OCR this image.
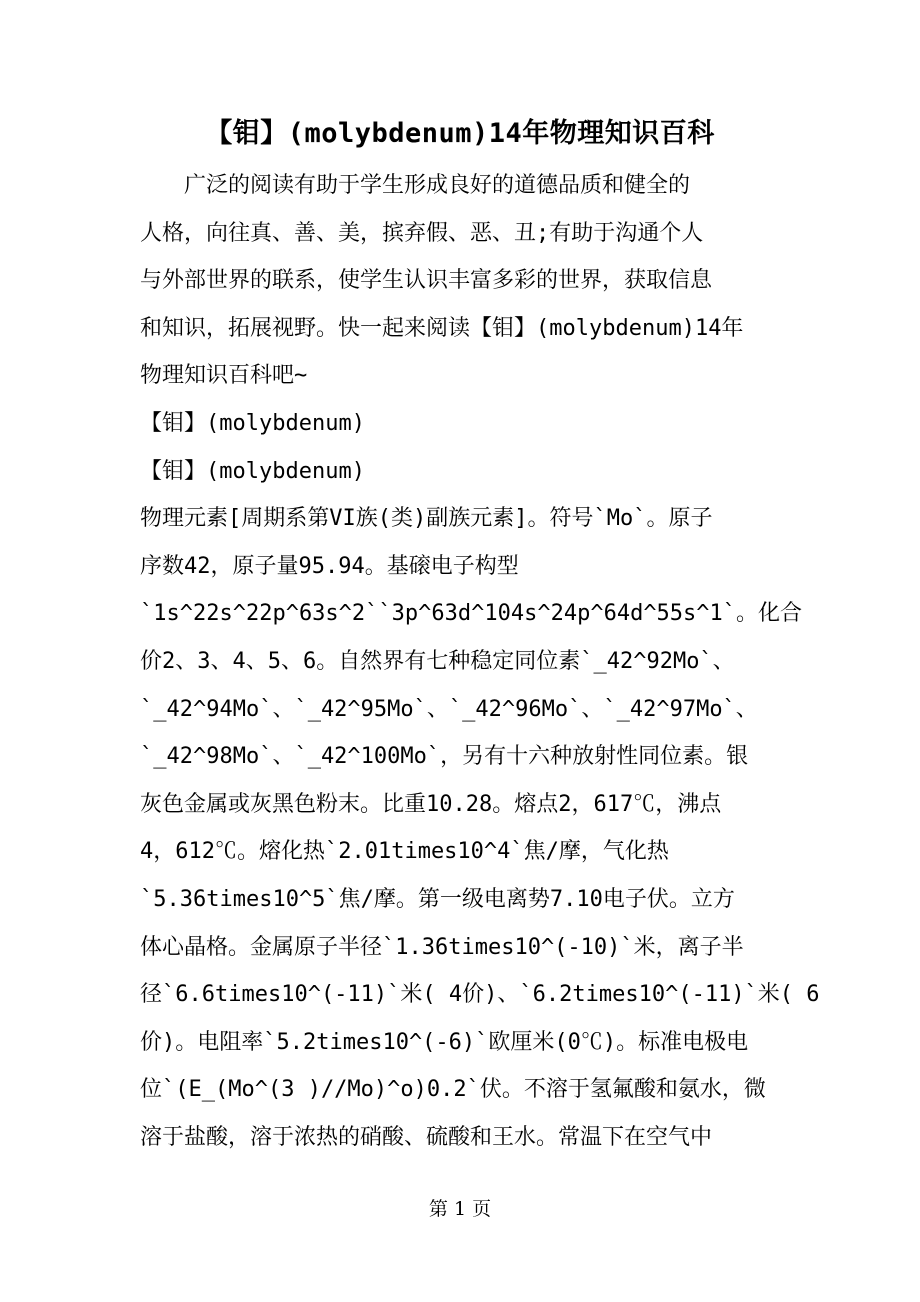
【钼】(molybdenum)14年物理知识百科
广泛的阅读有助于学生形成良好的道德品质和健全的
人格，向往真、善、美，摈弃假、恶、丑;有助于沟通个人
与外部世界的联系，使学生认识丰富多彩的世界，获取信息
和知识，拓展视野。快一起来阅读【钼】(molybdenum)14年
物理知识百科吧~
【钼】(molybdenum)
【钼】(molybdenum)
物理元素[周期系第VI族(类)副族元素]。符号`Mo`。原子
序数42，原子量95.94。基磙电子构型
`1s^22s^22p^63s^2``3p^63d^104s^24p^64d^55s^1`。化合
价2、3、4、5、6。自然界有七种稳定同位素`_42^92Mo`、
`_42^94Mo`、`_42^95Mo`、`_42^96Mo`、`_42^97Mo`、
`_42^98Mo`、`_42^100Mo`，另有十六种放射性同位素。银
灰色金属或灰黑色粉末。比重10.28。熔点2，617℃，沸点
4，612℃。熔化热`2.01times10^4`焦/摩，气化热
`5.36times10^5`焦/摩。第一级电离势7.10电子伏。立方
体心晶格。金属原子半径`1.36times10^(-10)`米，离子半
径`6.6times10^(-11)`米( 4价)、`6.2times10^(-11)`米( 6
价)。电阻率`5.2times10^(-6)`欧厘米(0℃)。标准电极电
位`(E_(Mo^(3 )//Mo)^o)0.2`伏。不溶于氢氟酸和氨水，微
溶于盐酸，溶于浓热的硝酸、硫酸和王水。常温下在空气中
第 1 页
